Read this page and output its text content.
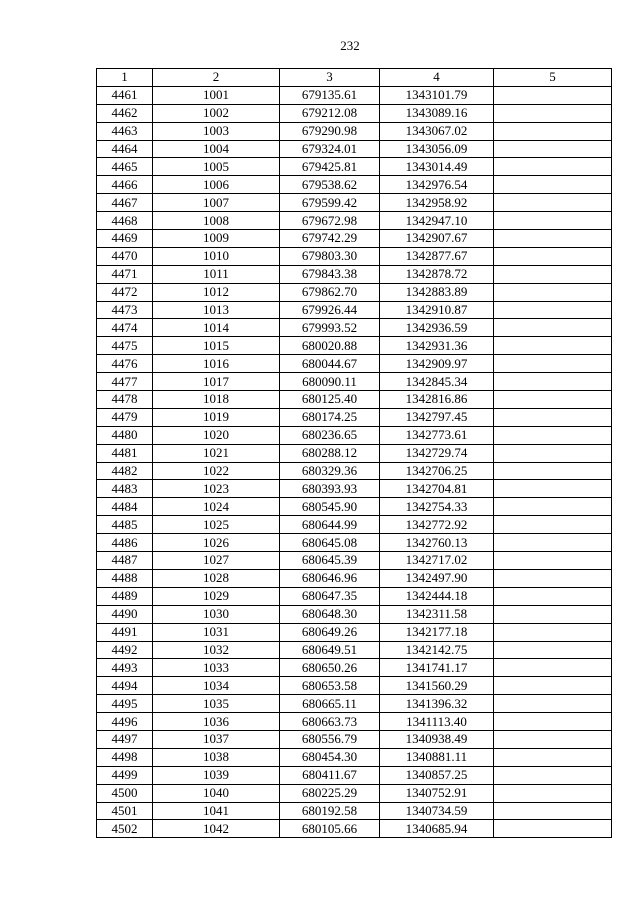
232
1	2	3	4	5
4461	1001	679135.61	1343101.79	
4462	1002	679212.08	1343089.16	
4463	1003	679290.98	1343067.02	
4464	1004	679324.01	1343056.09	
4465	1005	679425.81	1343014.49	
4466	1006	679538.62	1342976.54	
4467	1007	679599.42	1342958.92	
4468	1008	679672.98	1342947.10	
4469	1009	679742.29	1342907.67	
4470	1010	679803.30	1342877.67	
4471	1011	679843.38	1342878.72	
4472	1012	679862.70	1342883.89	
4473	1013	679926.44	1342910.87	
4474	1014	679993.52	1342936.59	
4475	1015	680020.88	1342931.36	
4476	1016	680044.67	1342909.97	
4477	1017	680090.11	1342845.34	
4478	1018	680125.40	1342816.86	
4479	1019	680174.25	1342797.45	
4480	1020	680236.65	1342773.61	
4481	1021	680288.12	1342729.74	
4482	1022	680329.36	1342706.25	
4483	1023	680393.93	1342704.81	
4484	1024	680545.90	1342754.33	
4485	1025	680644.99	1342772.92	
4486	1026	680645.08	1342760.13	
4487	1027	680645.39	1342717.02	
4488	1028	680646.96	1342497.90	
4489	1029	680647.35	1342444.18	
4490	1030	680648.30	1342311.58	
4491	1031	680649.26	1342177.18	
4492	1032	680649.51	1342142.75	
4493	1033	680650.26	1341741.17	
4494	1034	680653.58	1341560.29	
4495	1035	680665.11	1341396.32	
4496	1036	680663.73	1341113.40	
4497	1037	680556.79	1340938.49	
4498	1038	680454.30	1340881.11	
4499	1039	680411.67	1340857.25	
4500	1040	680225.29	1340752.91	
4501	1041	680192.58	1340734.59	
4502	1042	680105.66	1340685.94	
